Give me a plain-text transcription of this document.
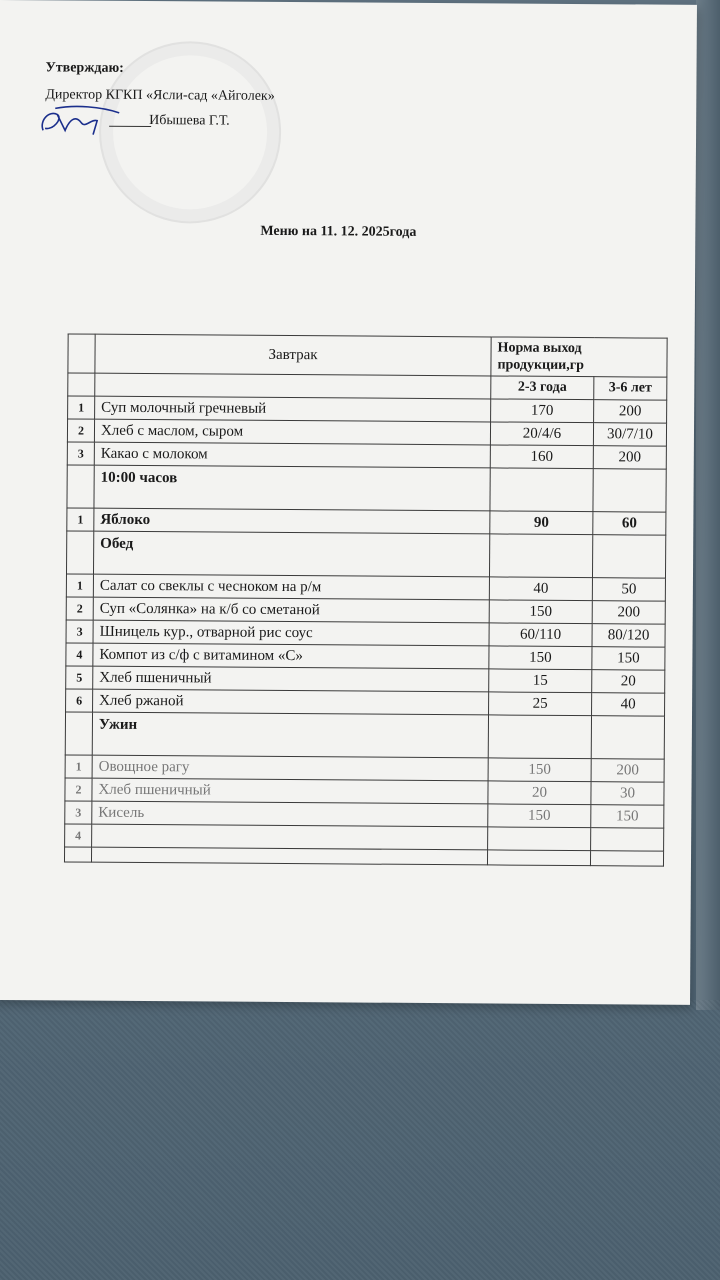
Утверждаю:
Директор КГКП «Ясли-сад «Айголек»
Ибышева Г.Т.
Меню на 11. 12. 2025года
	Завтрак	Норма выход продукции,гр	
		2-3 года	3-6 лет
1	Суп молочный гречневый	170	200
2	Хлеб с маслом, сыром	20/4/6	30/7/10
3	Какао с молоком	160	200
	10:00 часов		
1	Яблоко	90	60
	Обед		
1	Салат со свеклы с чесноком на р/м	40	50
2	Суп «Солянка» на к/б со сметаной	150	200
3	Шницель кур., отварной рис соус	60/110	80/120
4	Компот из с/ф с витамином «С»	150	150
5	Хлеб пшеничный	15	20
6	Хлеб ржаной	25	40
	Ужин		
1	Овощное рагу	150	200
2	Хлеб пшеничный	20	30
3	Кисель	150	150
4			
